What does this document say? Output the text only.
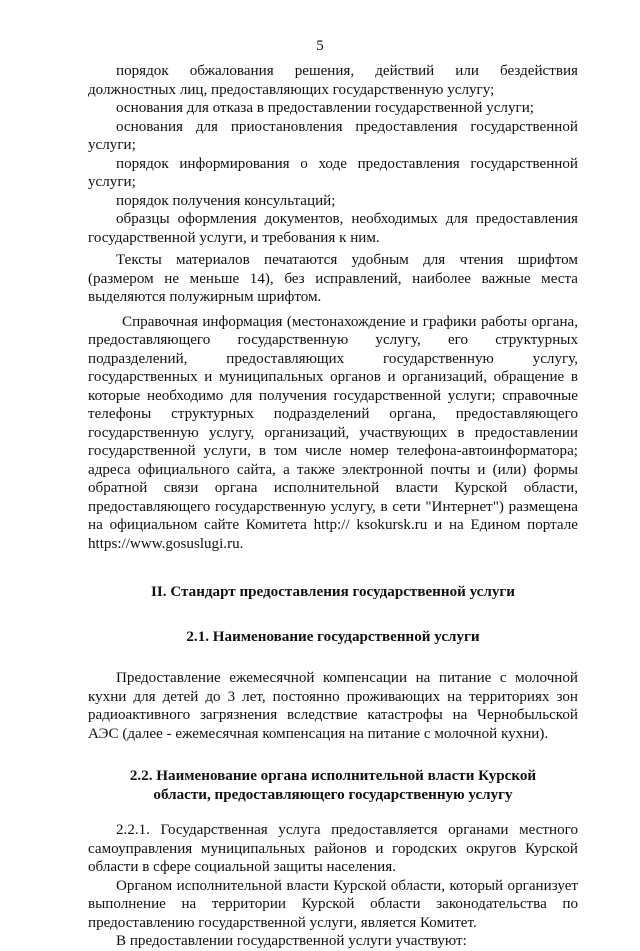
5

порядок обжалования решения, действий или бездействия должностных лиц, предоставляющих государственную услугу;

основания для отказа в предоставлении государственной услуги;

основания для приостановления предоставления государственной услуги;

порядок информирования о ходе предоставления государственной услуги;

порядок получения консультаций;

образцы оформления документов, необходимых для предоставления государственной услуги, и требования к ним.

Тексты материалов печатаются удобным для чтения шрифтом (размером не меньше 14), без исправлений, наиболее важные места выделяются полужирным шрифтом.

Справочная информация (местонахождение и графики работы органа, предоставляющего государственную услугу, его структурных подразделений, предоставляющих государственную услугу, государственных и муниципальных органов и организаций, обращение в которые необходимо для получения государственной услуги; справочные телефоны структурных подразделений органа, предоставляющего государственную услугу, организаций, участвующих в предоставлении государственной услуги, в том числе номер телефона-автоинформатора; адреса официального сайта, а также электронной почты и (или) формы обратной связи органа исполнительной власти Курской области, предоставляющего государственную услугу, в сети "Интернет") размещена на официальном сайте Комитета http:// ksokursk.ru и на Едином портале https://www.gosuslugi.ru.

II. Стандарт предоставления государственной услуги
2.1. Наименование государственной услуги

Предоставление ежемесячной компенсации на питание с молочной кухни для детей до 3 лет, постоянно проживающих на территориях зон радиоактивного загрязнения вследствие катастрофы на Чернобыльской АЭС (далее - ежемесячная компенсация на питание с молочной кухни).

2.2. Наименование органа исполнительной власти Курской
области, предоставляющего государственную услугу

2.2.1. Государственная услуга предоставляется органами местного самоуправления муниципальных районов и городских округов Курской области в сфере социальной защиты населения.

Органом исполнительной власти Курской области, который организует выполнение на территории Курской области законодательства по предоставлению государственной услуги, является Комитет.

В предоставлении государственной услуги участвуют:
